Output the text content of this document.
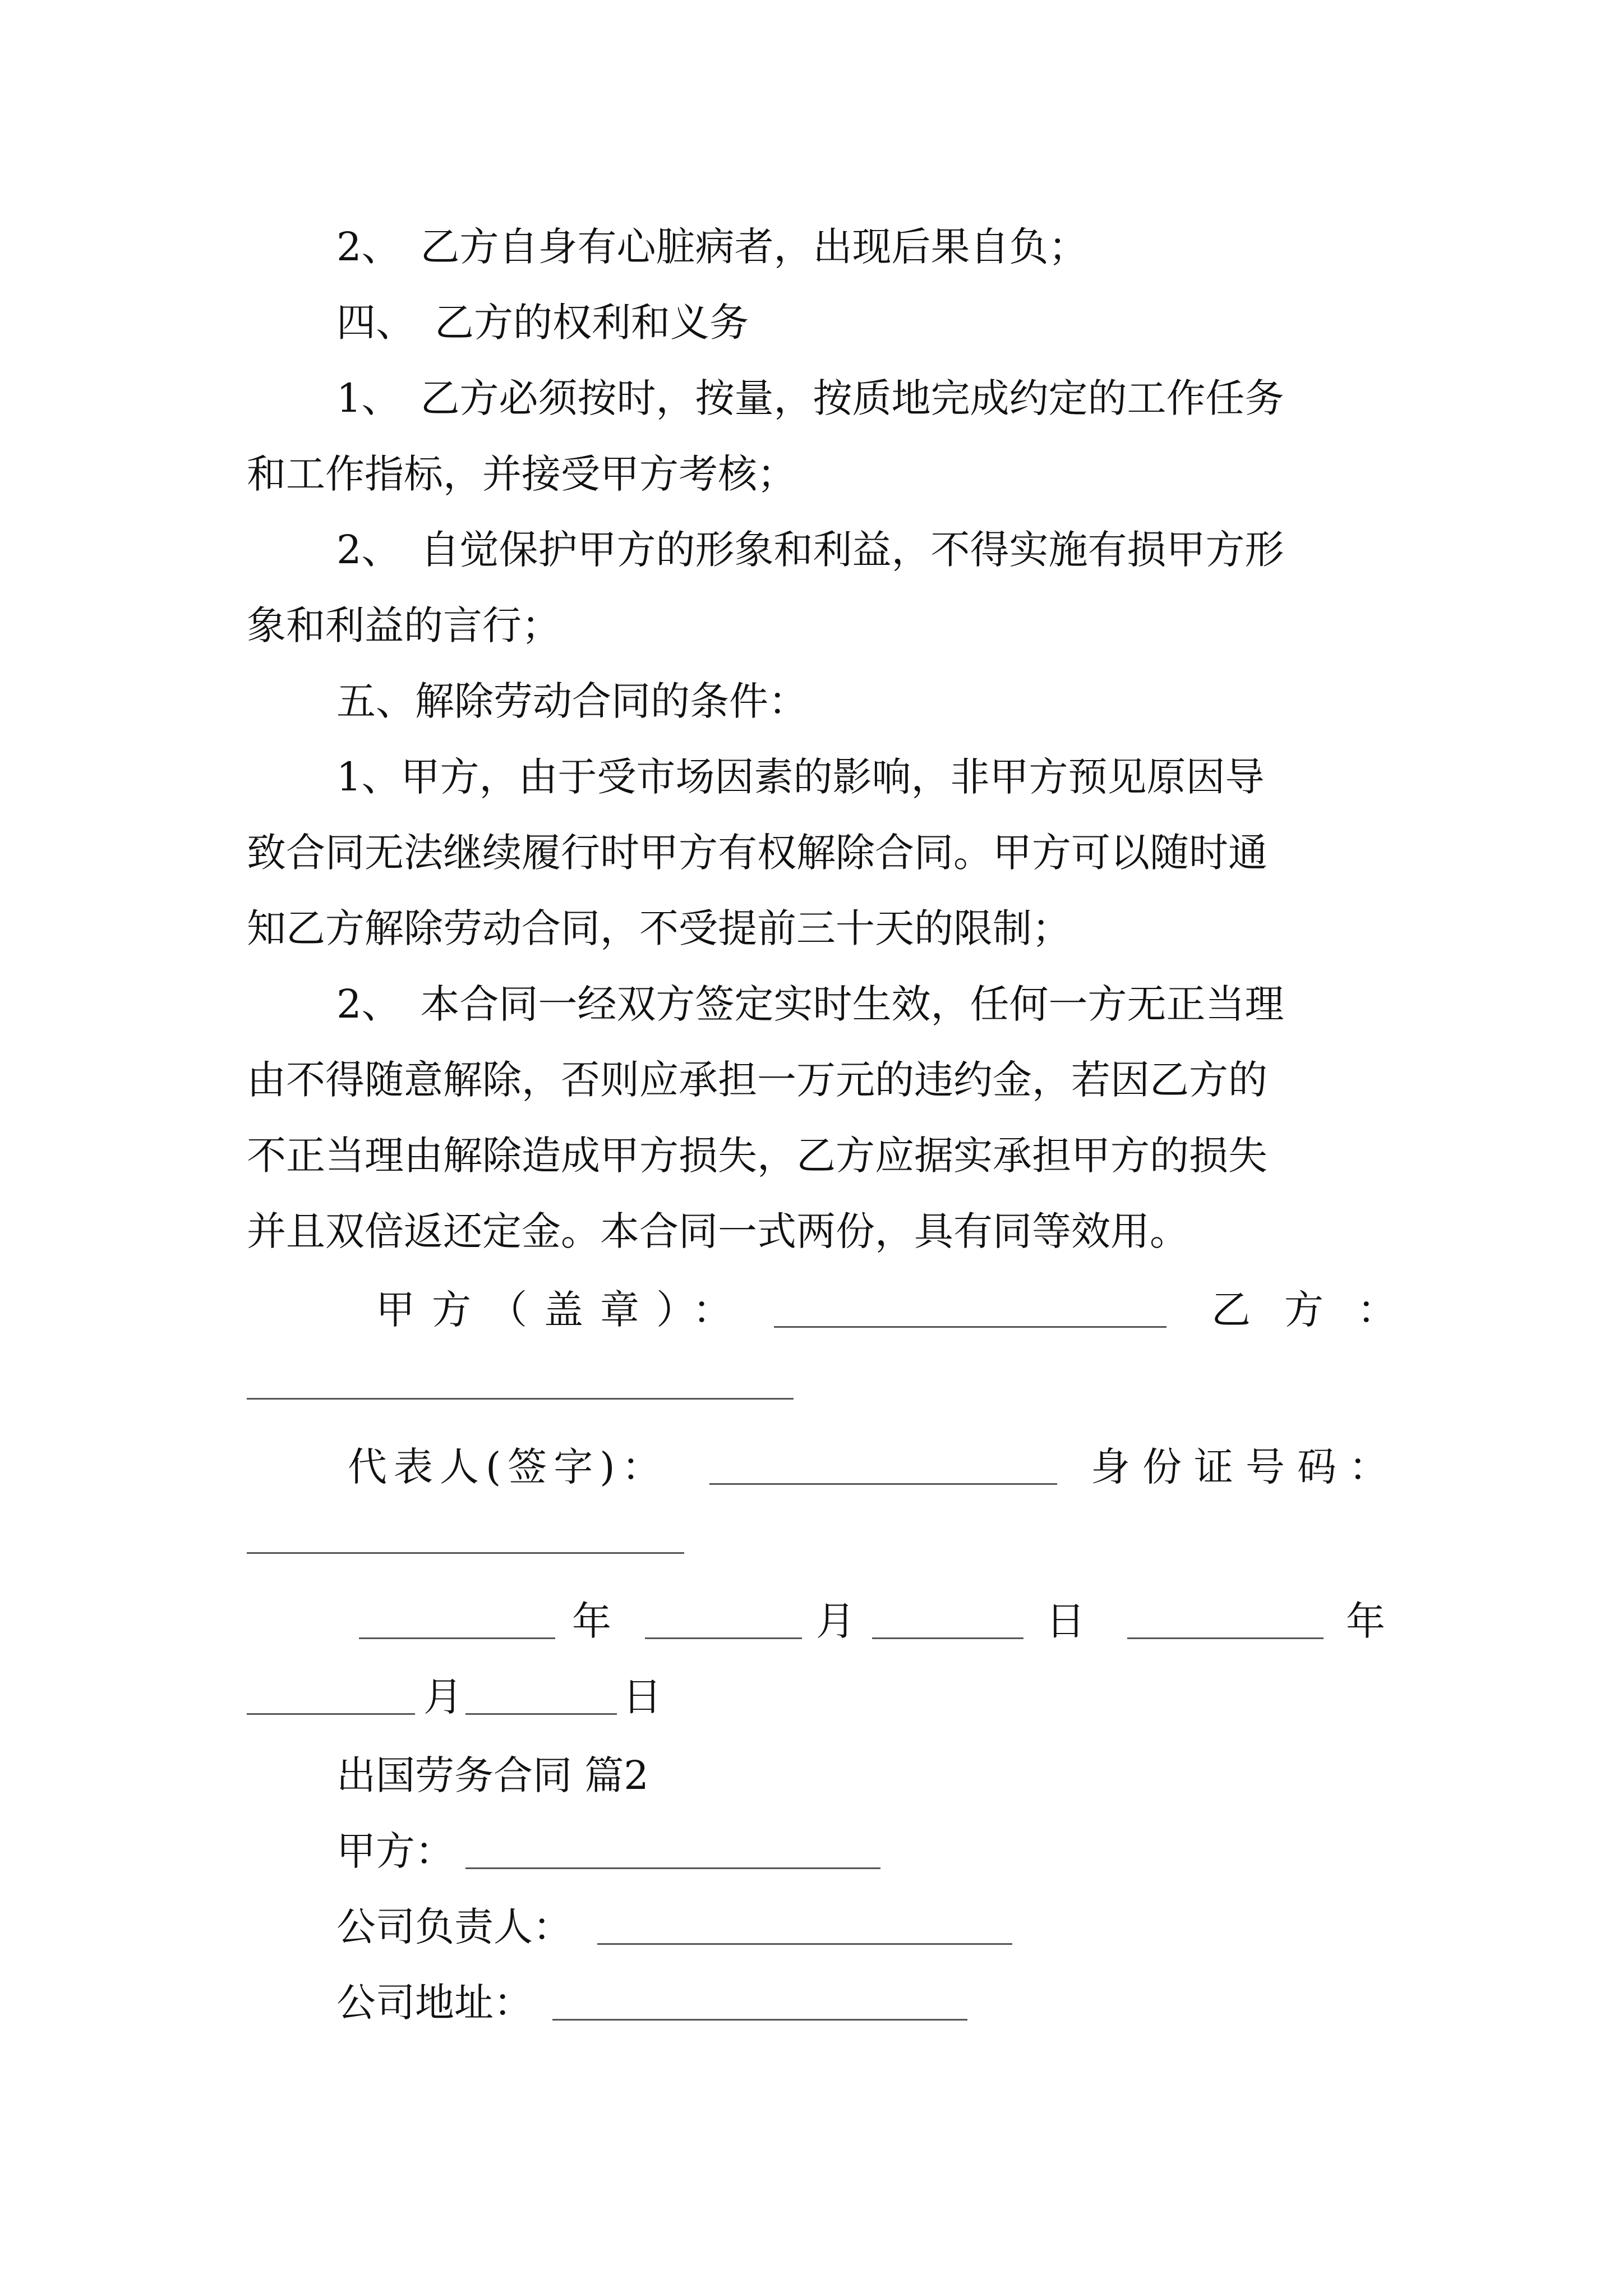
2、　乙方自身有心脏病者，出现后果自负；
四、　乙方的权利和义务
1、　乙方必须按时，按量，按质地完成约定的工作任务
和工作指标，并接受甲方考核；
2、　自觉保护甲方的形象和利益，不得实施有损甲方形
象和利益的言行；
五、解除劳动合同的条件：
1、甲方，由于受市场因素的影响，非甲方预见原因导
致合同无法继续履行时甲方有权解除合同。甲方可以随时通
知乙方解除劳动合同，不受提前三十天的限制；
2、　本合同一经双方签定实时生效，任何一方无正当理
由不得随意解除，否则应承担一万元的违约金，若因乙方的
不正当理由解除造成甲方损失，乙方应据实承担甲方的损失
并且双倍返还定金。本合同一式两份，具有同等效用。
甲方（盖章）：	乙方：
代表人(签字)：	身份证号码：
年	月	日	年
月	日
出国劳务合同 篇2
甲方：
公司负责人：
公司地址：
